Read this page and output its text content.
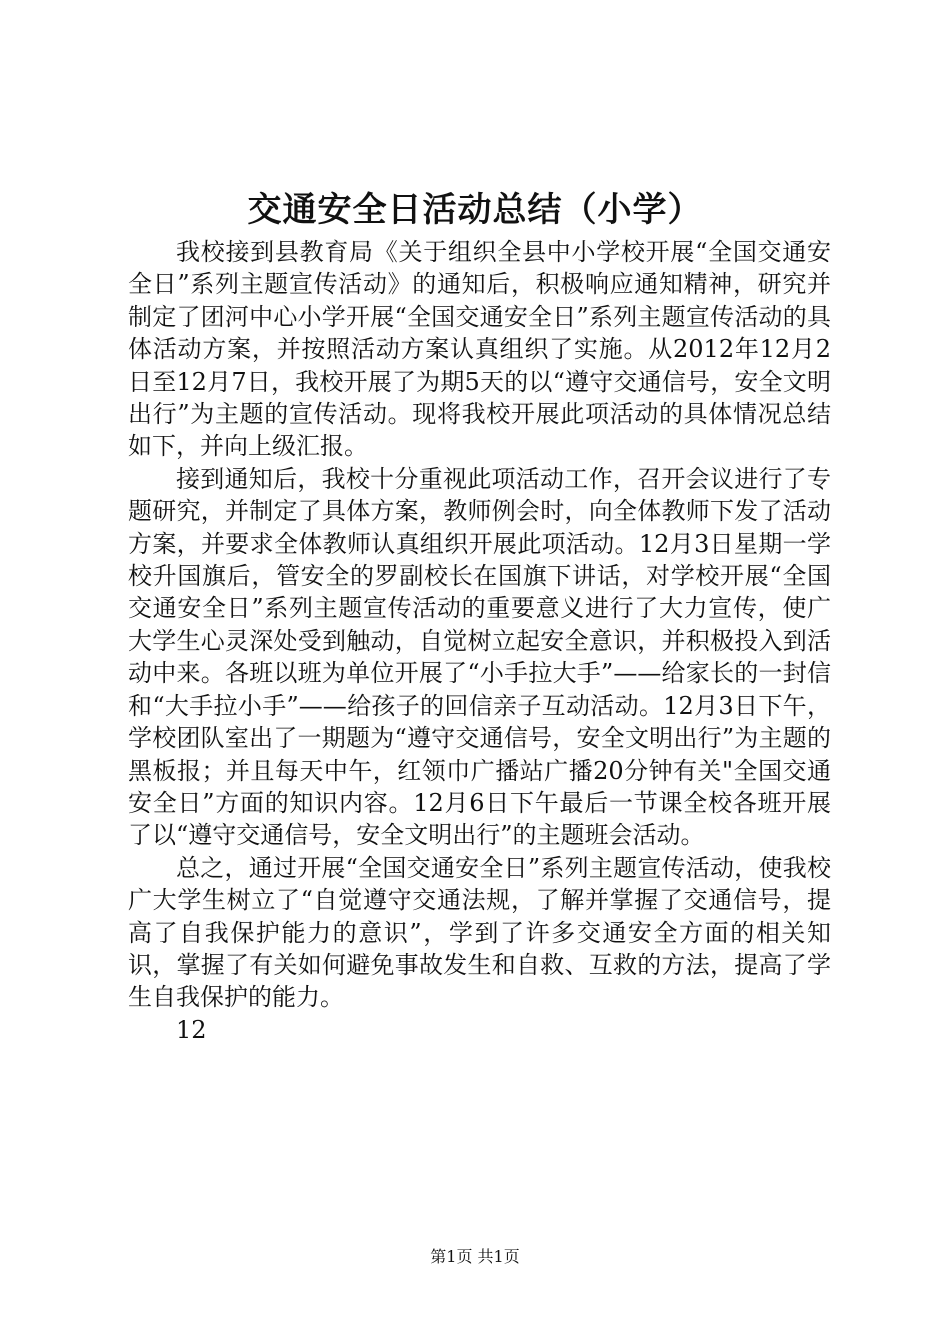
交通安全日活动总结（小学）

我校接到县教育局《关于组织全县中小学校开展“全国交通安全日”系列主题宣传活动》的通知后，积极响应通知精神，研究并制定了团河中心小学开展“全国交通安全日”系列主题宣传活动的具体活动方案，并按照活动方案认真组织了实施。从2012年12月2日至12月7日，我校开展了为期5天的以“遵守交通信号，安全文明出行”为主题的宣传活动。现将我校开展此项活动的具体情况总结如下，并向上级汇报。

接到通知后，我校十分重视此项活动工作，召开会议进行了专题研究，并制定了具体方案，教师例会时，向全体教师下发了活动方案，并要求全体教师认真组织开展此项活动。12月3日星期一学校升国旗后，管安全的罗副校长在国旗下讲话，对学校开展“全国交通安全日”系列主题宣传活动的重要意义进行了大力宣传，使广大学生心灵深处受到触动，自觉树立起安全意识，并积极投入到活动中来。各班以班为单位开展了“小手拉大手”——给家长的一封信和“大手拉小手”——给孩子的回信亲子互动活动。12月3日下午，学校团队室出了一期题为“遵守交通信号，安全文明出行”为主题的黑板报；并且每天中午，红领巾广播站广播20分钟有关"全国交通安全日”方面的知识内容。12月6日下午最后一节课全校各班开展了以“遵守交通信号，安全文明出行”的主题班会活动。

总之，通过开展“全国交通安全日”系列主题宣传活动，使我校广大学生树立了“自觉遵守交通法规，了解并掌握了交通信号，提高了自我保护能力的意识”，学到了许多交通安全方面的相关知识，掌握了有关如何避免事故发生和自救、互救的方法，提高了学生自我保护的能力。

12

第1页 共1页
